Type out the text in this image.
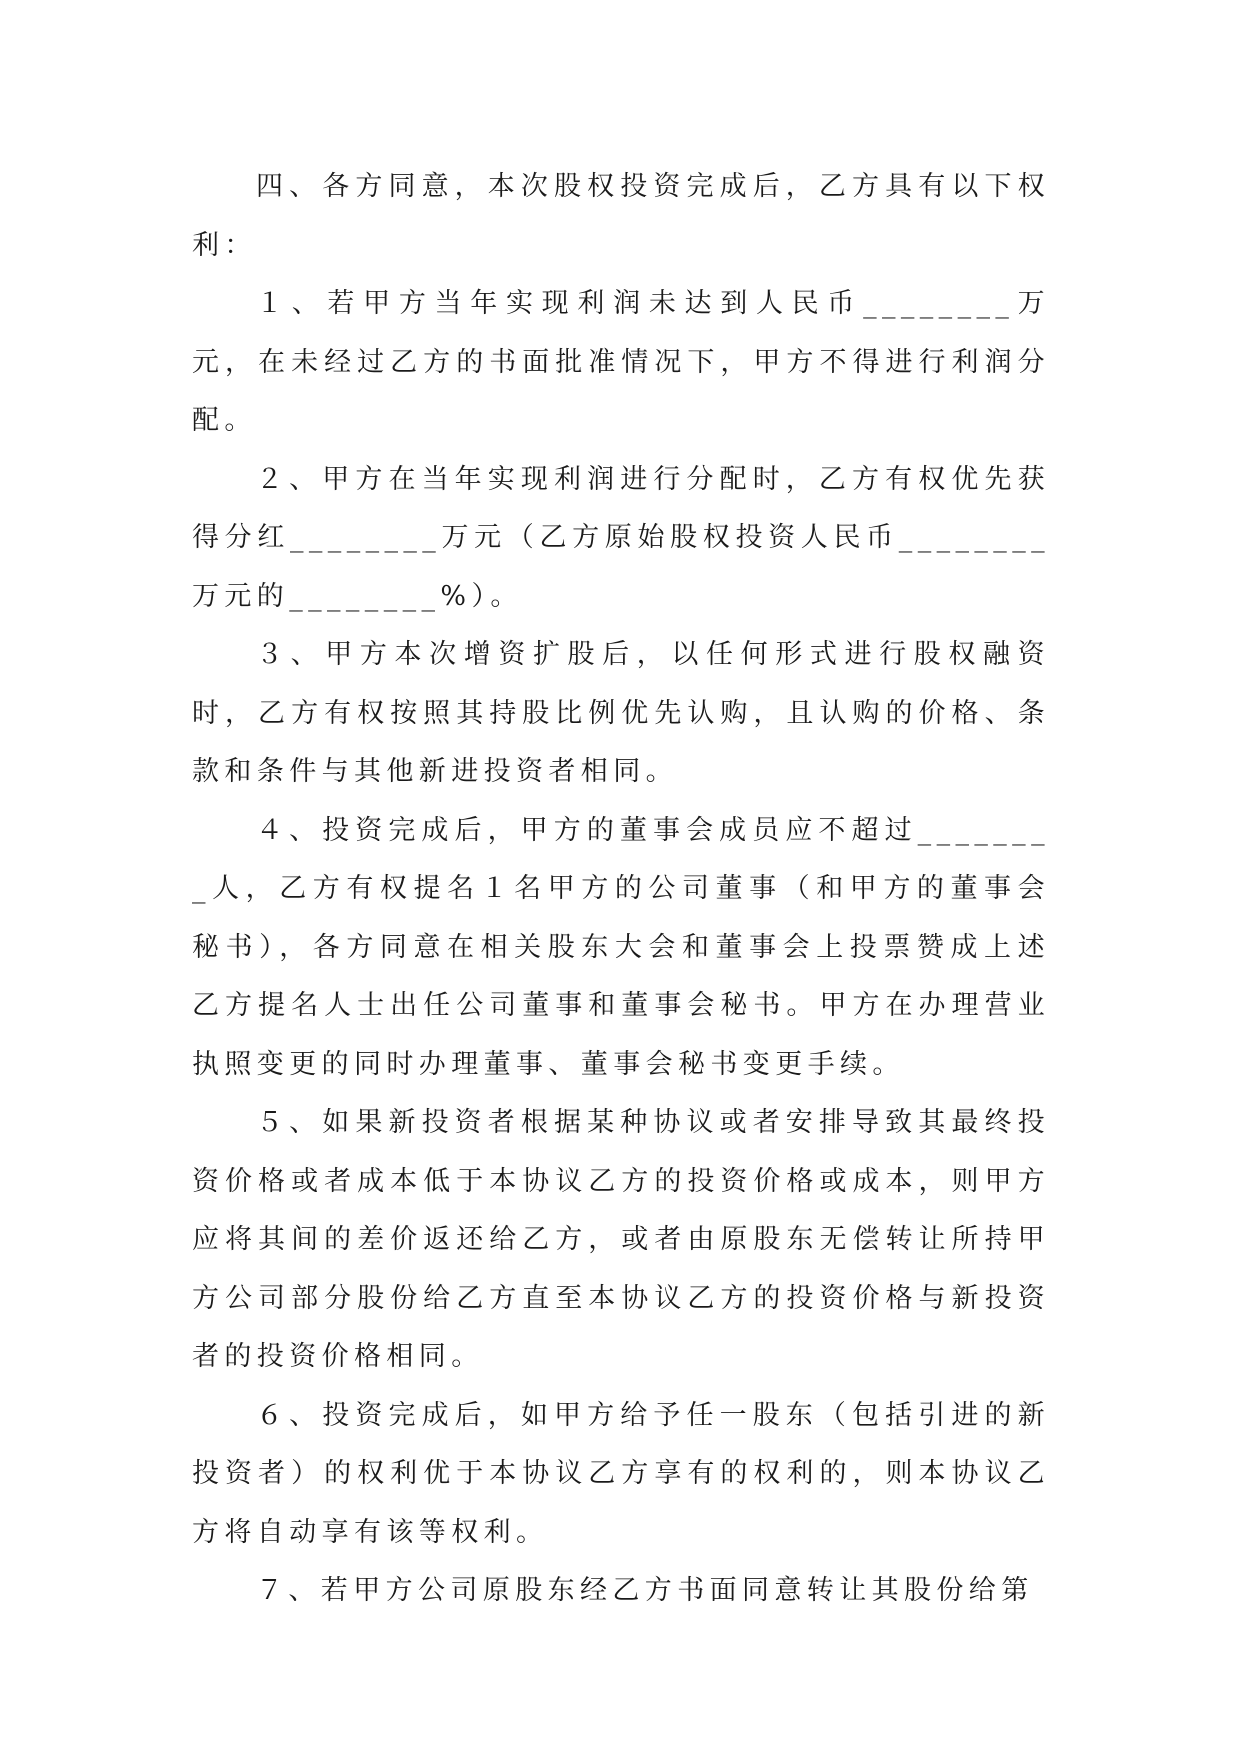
四、各方同意，本次股权投资完成后，乙方具有以下权利：

１、若甲方当年实现利润未达到人民币________万元，在未经过乙方的书面批准情况下，甲方不得进行利润分配。

２、甲方在当年实现利润进行分配时，乙方有权优先获得分红________万元（乙方原始股权投资人民币________万元的________%）。

３、甲方本次增资扩股后，以任何形式进行股权融资时，乙方有权按照其持股比例优先认购，且认购的价格、条款和条件与其他新进投资者相同。

４、投资完成后，甲方的董事会成员应不超过________人，乙方有权提名１名甲方的公司董事（和甲方的董事会秘书），各方同意在相关股东大会和董事会上投票赞成上述乙方提名人士出任公司董事和董事会秘书。甲方在办理营业执照变更的同时办理董事、董事会秘书变更手续。

５、如果新投资者根据某种协议或者安排导致其最终投资价格或者成本低于本协议乙方的投资价格或成本，则甲方应将其间的差价返还给乙方，或者由原股东无偿转让所持甲方公司部分股份给乙方直至本协议乙方的投资价格与新投资者的投资价格相同。

６、投资完成后，如甲方给予任一股东（包括引进的新投资者）的权利优于本协议乙方享有的权利的，则本协议乙方将自动享有该等权利。

７、若甲方公司原股东经乙方书面同意转让其股份给第
